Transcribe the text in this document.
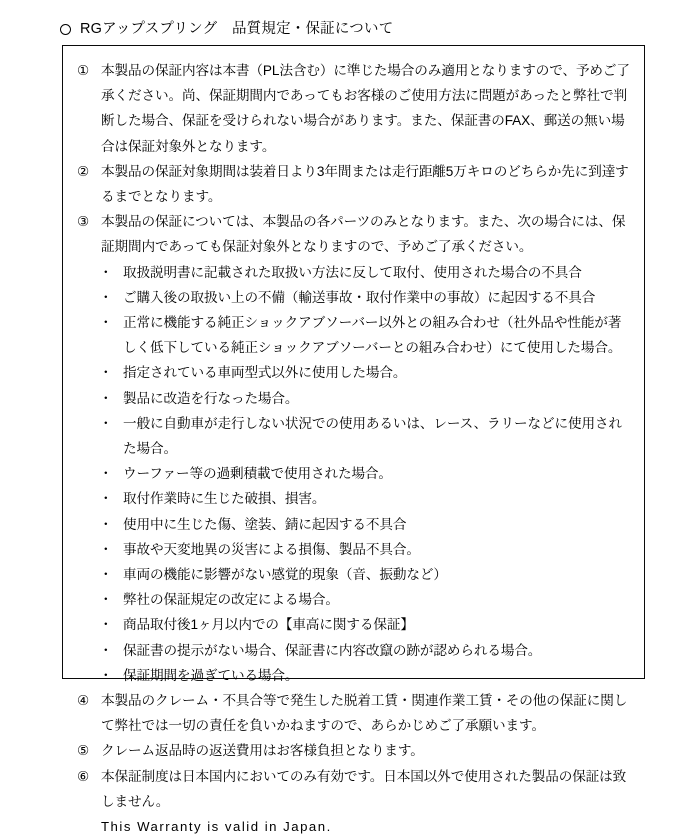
RGアップスプリング　品質規定・保証について
① 本製品の保証内容は本書（PL法含む）に準じた場合のみ適用となりますので、予めご了承ください。尚、保証期間内であってもお客様のご使用方法に問題があったと弊社で判断した場合、保証を受けられない場合があります。また、保証書のFAX、郵送の無い場合は保証対象外となります。
② 本製品の保証対象期間は装着日より3年間または走行距離5万キロのどちらか先に到達するまでとなります。
③ 本製品の保証については、本製品の各パーツのみとなります。また、次の場合には、保証期間内であっても保証対象外となりますので、予めご了承ください。
・ 取扱説明書に記載された取扱い方法に反して取付、使用された場合の不具合
・ ご購入後の取扱い上の不備（輸送事故・取付作業中の事故）に起因する不具合
・ 正常に機能する純正ショックアブソーバー以外との組み合わせ（社外品や性能が著しく低下している純正ショックアブソーバーとの組み合わせ）にて使用した場合。
・ 指定されている車両型式以外に使用した場合。
・ 製品に改造を行なった場合。
・ 一般に自動車が走行しない状況での使用あるいは、レース、ラリーなどに使用された場合。
・ ウーファー等の過剰積載で使用された場合。
・ 取付作業時に生じた破損、損害。
・ 使用中に生じた傷、塗装、錆に起因する不具合
・ 事故や天変地異の災害による損傷、製品不具合。
・ 車両の機能に影響がない感覚的現象（音、振動など）
・ 弊社の保証規定の改定による場合。
・ 商品取付後1ヶ月以内での【車高に関する保証】
・ 保証書の提示がない場合、保証書に内容改竄の跡が認められる場合。
・ 保証期間を過ぎている場合。
④ 本製品のクレーム・不具合等で発生した脱着工賃・関連作業工賃・その他の保証に関して弊社では一切の責任を負いかねますので、あらかじめご了承願います。
⑤ クレーム返品時の返送費用はお客様負担となります。
⑥ 本保証制度は日本国内においてのみ有効です。日本国以外で使用された製品の保証は致しません。
This Warranty is valid in Japan.
